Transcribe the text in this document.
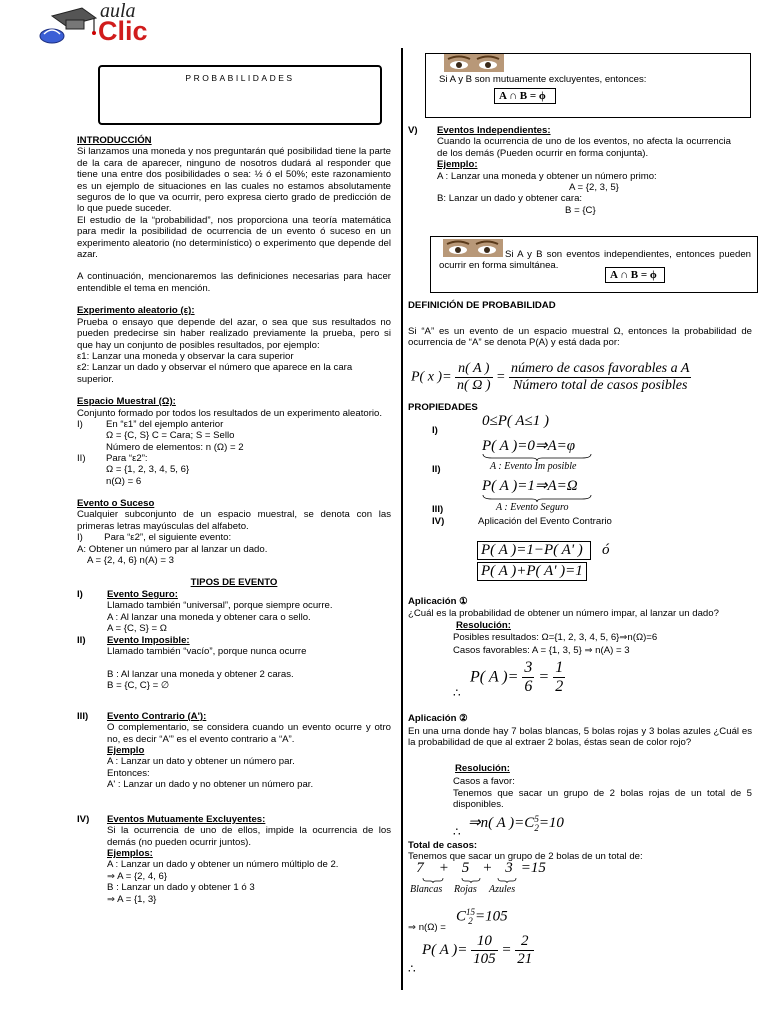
aula
Clic
PROBABILIDADES
INTRODUCCIÓN
Si lanzamos una moneda y nos preguntarán qué posibilidad tiene la parte de la cara de aparecer, ninguno de nosotros dudará al responder que tiene una entre dos posibilidades o sea: ½ ó el 50%; este razonamiento es un ejemplo de situaciones en las cuales no estamos absolutamente seguros de lo que va ocurrir, pero expresa cierto grado de predicción de lo que puede suceder.
El estudio de la “probabilidad”, nos proporciona una teoría matemática para medir la posibilidad de ocurrencia de un evento ó suceso en un experimento aleatorio (no determinístico) o experimento que depende del azar.
A continuación, mencionaremos las definiciones necesarias para hacer entendible el tema en mención.
Experimento aleatorio (ε):
Prueba o ensayo que depende del azar, o sea que sus resultados no pueden predecirse sin haber realizado previamente la prueba, pero si que hay un conjunto de posibles resultados, por ejemplo:
ε1: Lanzar una moneda y observar la cara superior
ε2: Lanzar un dado y observar el número que aparece en la cara superior.
Espacio Muestral (Ω):
Conjunto formado por todos los resultados de un experimento aleatorio.
I) En “ε1” del ejemplo anterior
Ω = {C, S} C = Cara; S = Sello
Número de elementos: n (Ω) = 2
II) Para “ε2”:
Ω = {1, 2, 3, 4, 5, 6}
n(Ω) = 6
Evento o Suceso
Cualquier subconjunto de un espacio muestral, se denota con las primeras letras mayúsculas del alfabeto.
I)        Para “ε2”, el siguiente evento:
A: Obtener un número par al lanzar un dado.
A = {2, 4, 6} n(A) = 3
TIPOS DE EVENTO
I)	Evento Seguro:
Llamado también “universal”, porque siempre ocurre.
A : Al lanzar una moneda y obtener cara o sello.
A = {C, S} = Ω
II) Evento Imposible:
Llamado también “vacío”, porque nunca ocurre
B : Al lanzar una moneda y obtener 2 caras.
B = {C, C} = ∅
III) Evento Contrario (A'):
O complementario, se considera cuando un evento ocurre y otro no, es decir “A'” es el evento contrario a “A”.
Ejemplo
A : Lanzar un dato y obtener un número par.
Entonces:
A' : Lanzar un dado y no obtener un número par.
IV) Eventos Mutuamente Excluyentes:
Si la ocurrencia de uno de ellos, impide la ocurrencia de los demás (no pueden ocurrir juntos).
Ejemplos:
A : Lanzar un dado y obtener un número múltiplo de 2.
⇒ A = {2, 4, 6}
B : Lanzar un dado y obtener 1 ó 3
⇒ A = {1, 3}
Si A y B son mutuamente excluyentes, entonces:
A ∩ B = ϕ
V) Eventos Independientes:
Cuando la ocurrencia de uno de los eventos, no afecta la ocurrencia de los demás (Pueden ocurrir en forma conjunta).
Ejemplo:
A : Lanzar una moneda y obtener un número primo:
A = {2, 3, 5}
B: Lanzar un dado y obtener cara:
B = {C}
Si A y B son eventos independientes, entonces pueden ocurrir en forma simultánea.
A ∩ B = ϕ
DEFINICIÓN DE PROBABILIDAD
Si “A” es un evento de un espacio muestral Ω, entonces la probabilidad de ocurrencia de “A” se denota P(A) y está dada por:
P( x )= $\frac{n( A )}{n( \Omega )} = \frac{\text{número de casos favorables a A}}{\text{Número total de casos posibles}}$
PROPIEDADES
I)
0≤P( A≤1 )
P( A )=0⇒A=φ
A : Evento Im posible
II)
P( A )=1⇒A=Ω
A : Evento Seguro
III)
IV)	Aplicación del Evento Contrario
P( A )=1−P( A' )	ó
P( A )+P( A' )=1
Aplicación ①
¿Cuál es la probabilidad de obtener un número impar, al lanzar un dado?
Resolución:
Posibles resultados: Ω={1, 2, 3, 4, 5, 6}⇒n(Ω)=6
Casos favorables: A = {1, 3, 5} ⇒ n(A) = 3
P( A )= $\frac{3}{6} = \frac{1}{2}$
∴
Aplicación ②
En una urna donde hay 7 bolas blancas, 5 bolas rojas y 3 bolas azules ¿Cuál es la probabilidad de que al extraer 2 bolas, éstas sean de color rojo?
Resolución:
Casos a favor:
Tenemos que sacar un grupo de 2 bolas rojas de un total de 5 disponibles.
⇒n( A )=C 5
2 =10
∴
Total de casos:
Tenemos que sacar un grupo de 2 bolas de un total de:
7 + 5 + 3 =15
Blancas Rojas Azules
⇒ n(Ω) =
C 15
2 =105
P( A )= $\frac{10}{105} = \frac{2}{21}$
∴
